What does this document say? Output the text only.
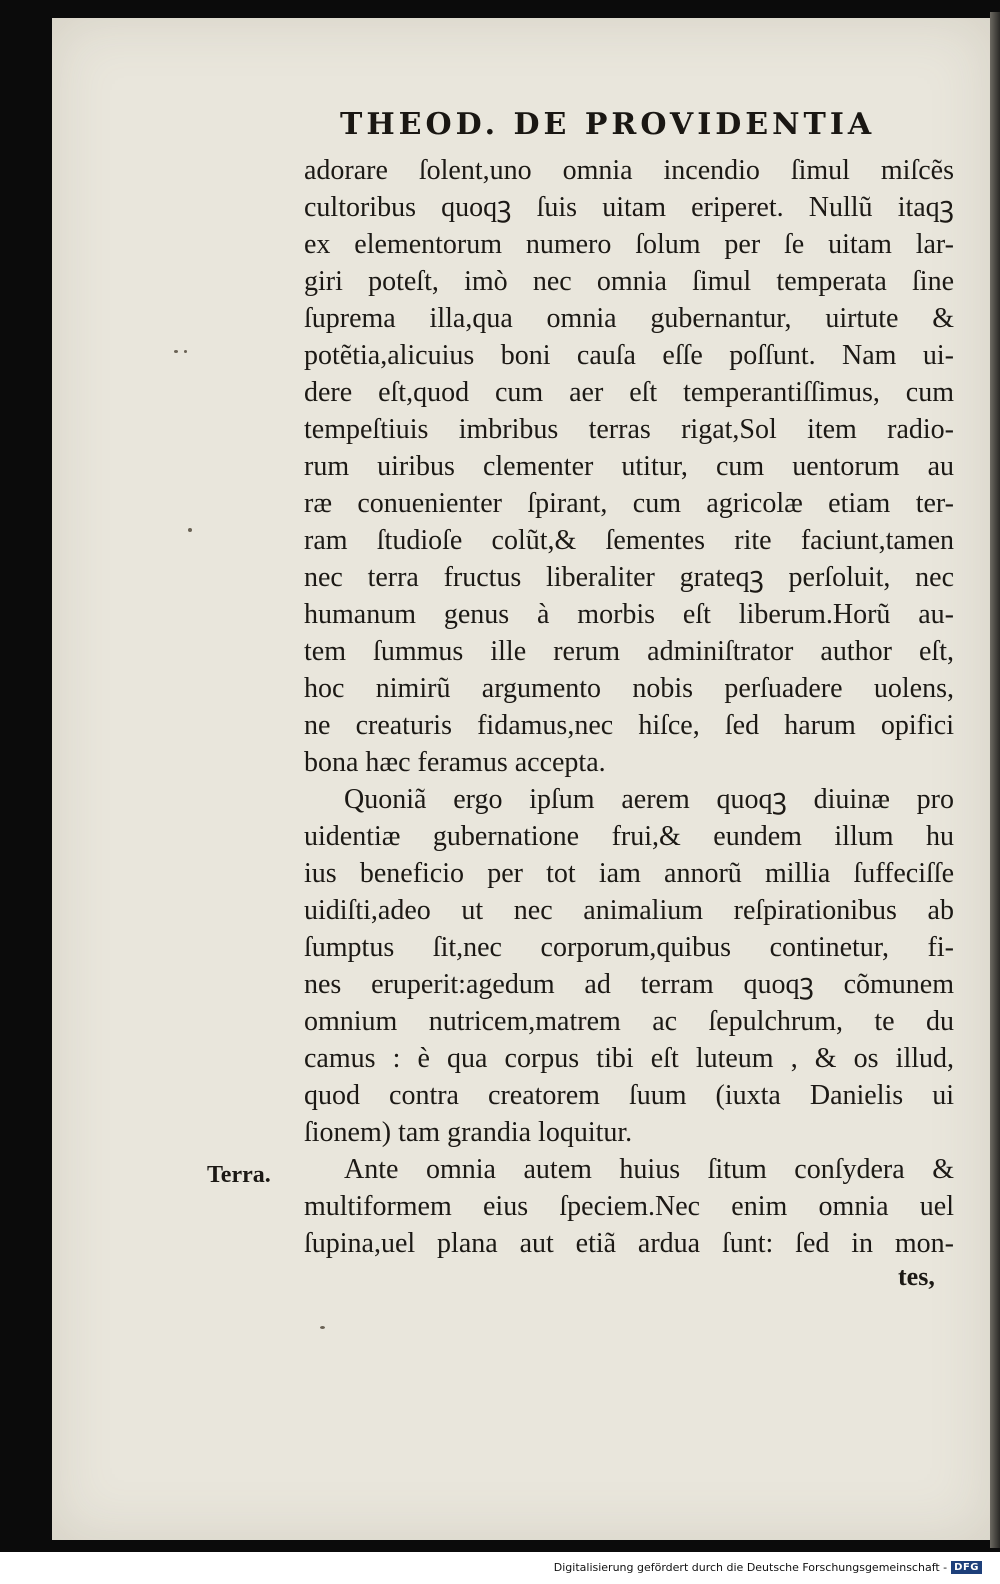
THEOD. DE PROVIDENTIA
adorare ſolent,uno omnia incendio ſimul miſcẽs
cultoribus quoqꝫ ſuis uitam eriperet. Nullũ itaqꝫ
ex elementorum numero ſolum per ſe uitam lar-
giri poteſt, imò nec omnia ſimul temperata ſine
ſuprema illa,qua omnia gubernantur, uirtute &
potẽtia,alicuius boni cauſa eſſe poſſunt. Nam ui-
dere eſt,quod cum aer eſt temperantiſſimus, cum
tempeſtiuis imbribus terras rigat,Sol item radio-
rum uiribus clementer utitur, cum uentorum au
ræ conuenienter ſpirant, cum agricolæ etiam ter-
ram ſtudioſe colũt,& ſementes rite faciunt,tamen
nec terra fructus liberaliter grateqꝫ perſoluit, nec
humanum genus à morbis eſt liberum.Horũ au-
tem ſummus ille rerum adminiſtrator author eſt,
hoc nimirũ argumento nobis perſuadere uolens,
ne creaturis fidamus,nec hiſce, ſed harum opifici
bona hæc feramus accepta.
Quoniã ergo ipſum aerem quoqꝫ diuinæ pro
uidentiæ gubernatione frui,& eundem illum hu
ius beneficio per tot iam annorũ millia ſuffeciſſe
uidiſti,adeo ut nec animalium reſpirationibus ab
ſumptus ſit,nec corporum,quibus continetur, fi-
nes eruperit:agedum ad terram quoqꝫ cõmunem
omnium nutricem,matrem ac ſepulchrum, te du
camus : è qua corpus tibi eſt luteum , & os illud,
quod contra creatorem ſuum (iuxta Danielis ui
ſionem) tam grandia loquitur.
Ante omnia autem huius ſitum conſydera &
multiformem eius ſpeciem.Nec enim omnia uel
ſupina,uel plana aut etiã ardua ſunt: ſed in mon-
Terra.
tes,
Digitalisierung gefördert durch die Deutsche Forschungsgemeinschaft - DFG
